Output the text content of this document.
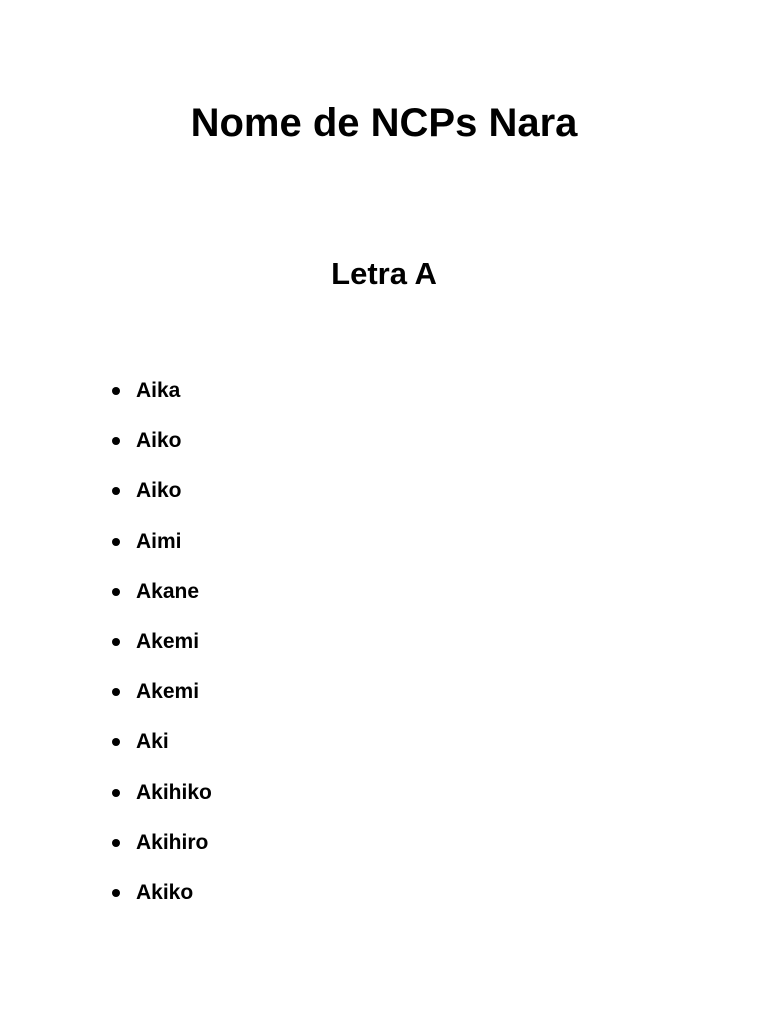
Nome de NCPs Nara
Letra A
Aika
Aiko
Aiko
Aimi
Akane
Akemi
Akemi
Aki
Akihiko
Akihiro
Akiko
